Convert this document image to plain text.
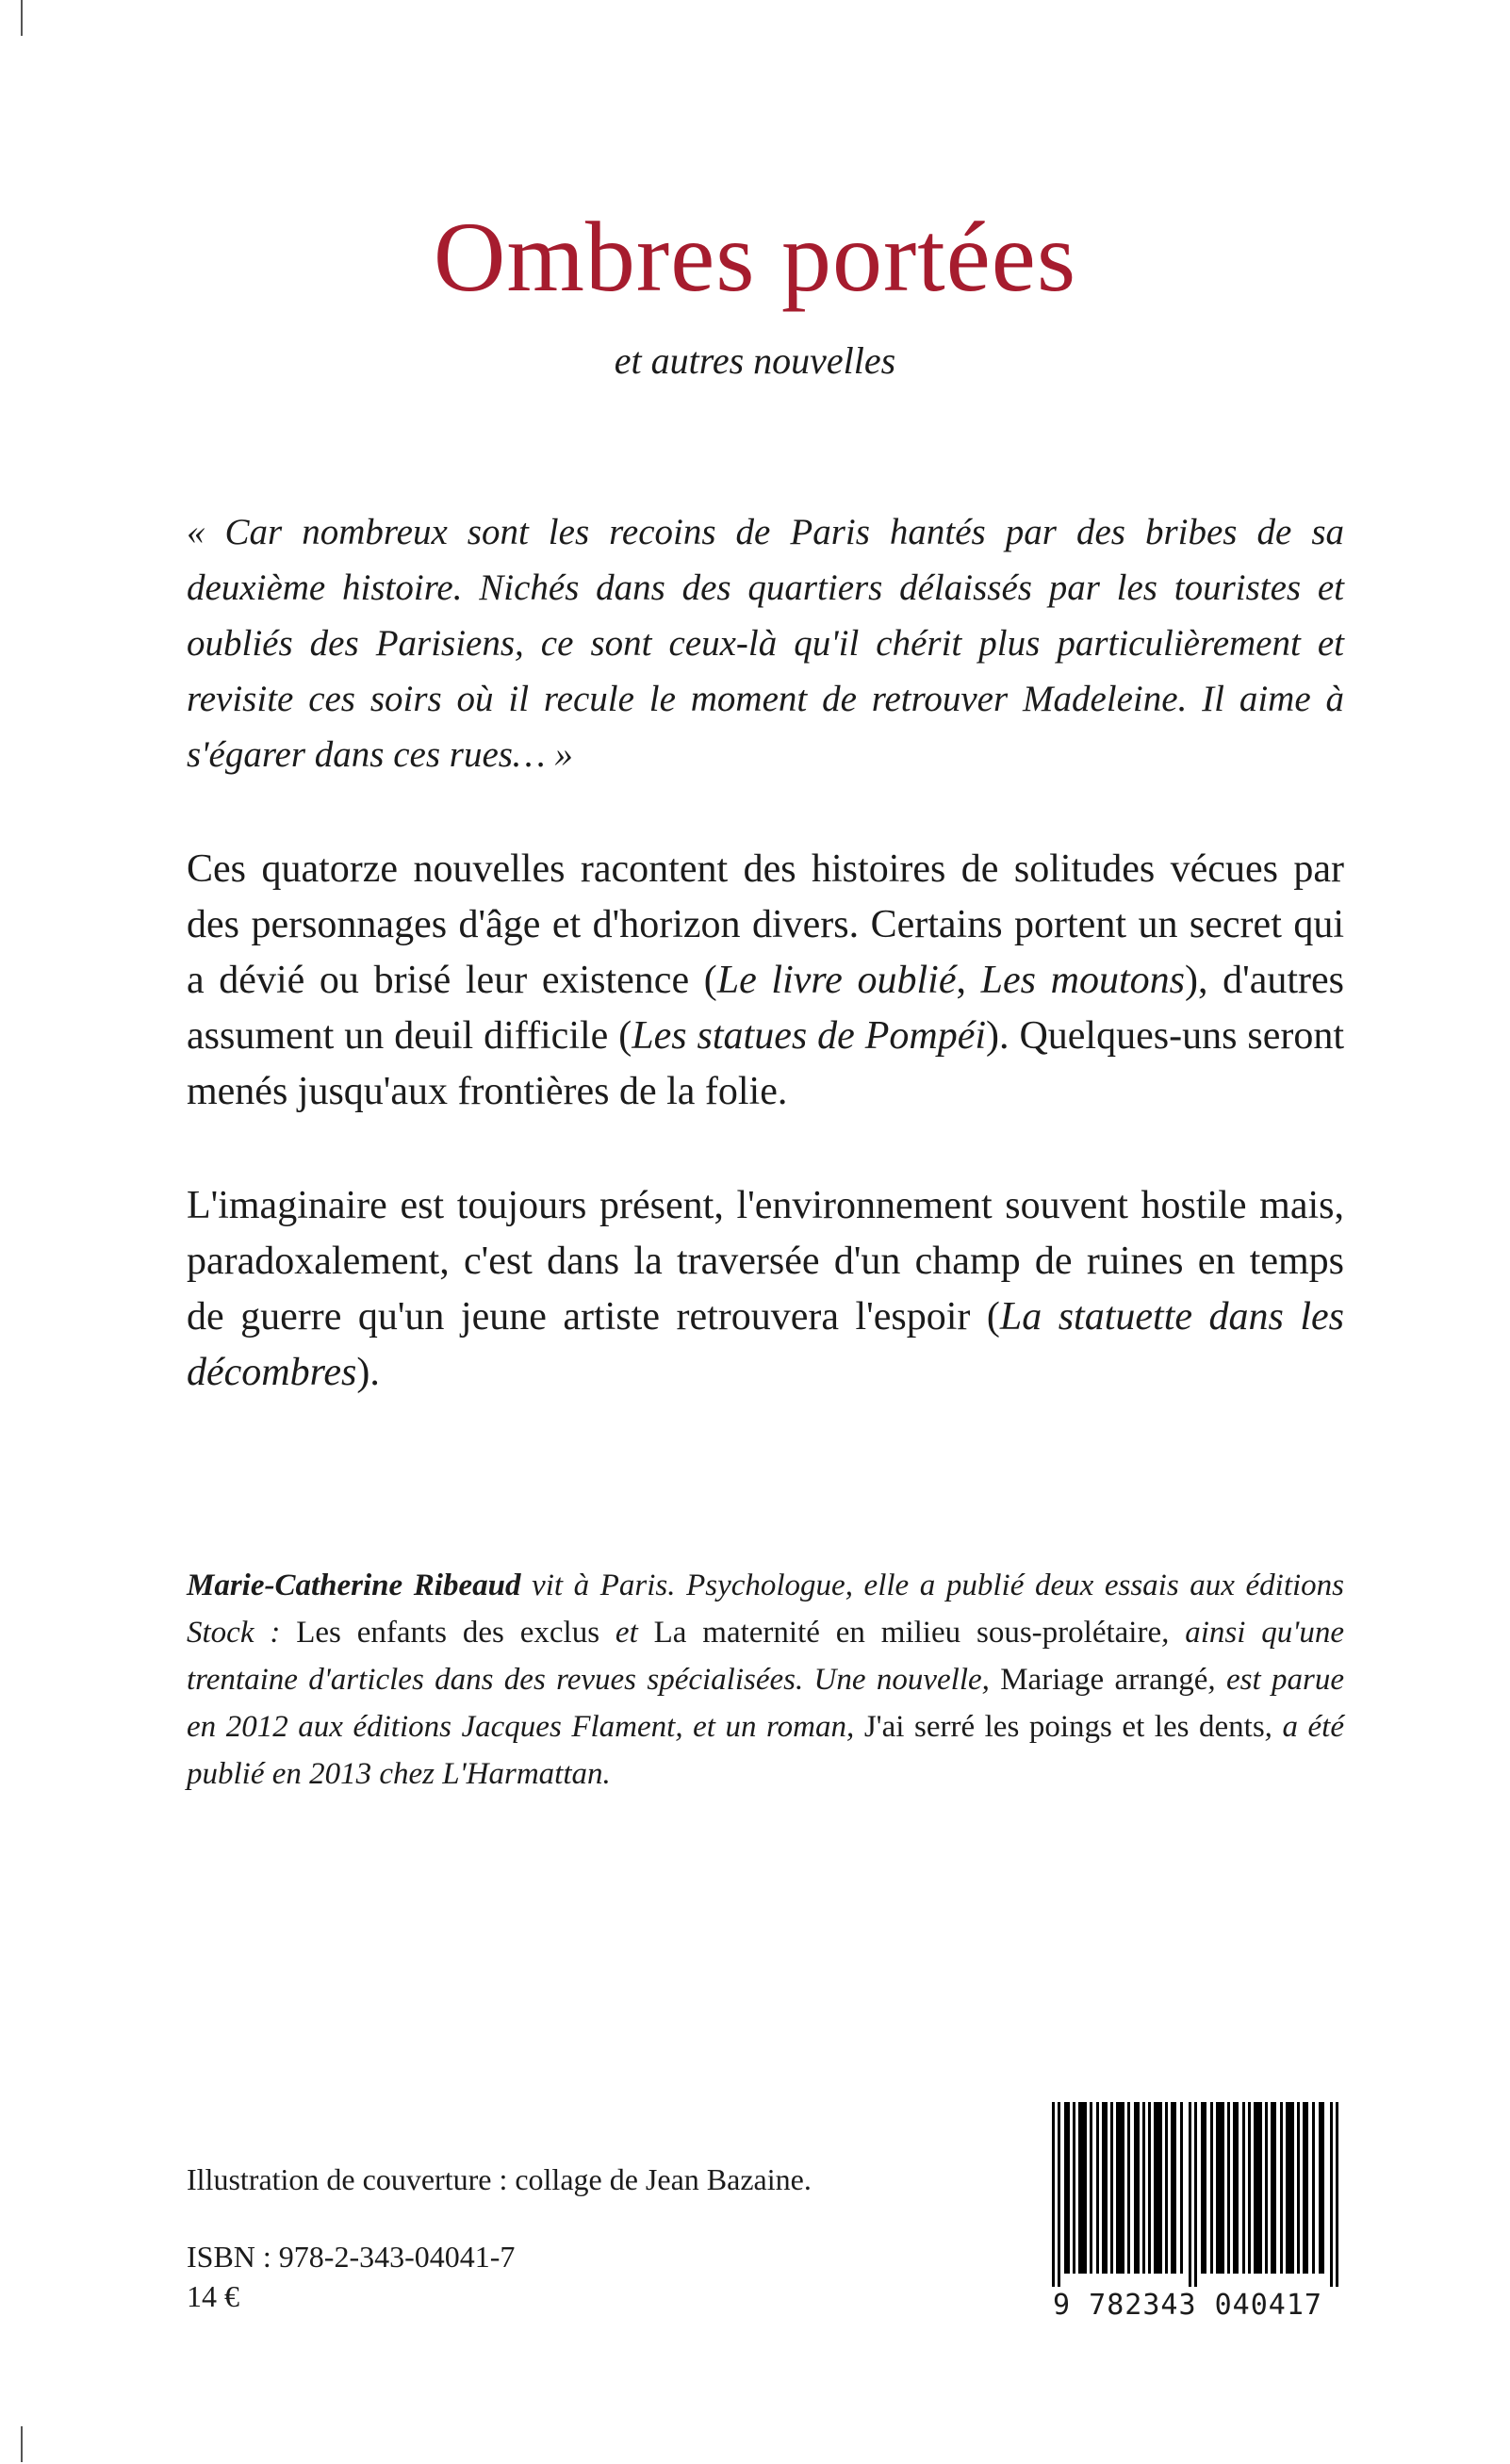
Ombres portées
et autres nouvelles

« Car nombreux sont les recoins de Paris hantés par des bribes de sa deuxième histoire. Nichés dans des quartiers délaissés par les touristes et oubliés des Parisiens, ce sont ceux-là qu'il chérit plus particulièrement et revisite ces soirs où il recule le moment de retrouver Madeleine. Il aime à s'égarer dans ces rues… »

Ces quatorze nouvelles racontent des histoires de solitudes vécues par des personnages d'âge et d'horizon divers. Certains portent un secret qui a dévié ou brisé leur existence (Le livre oublié, Les moutons), d'autres assument un deuil difficile (Les statues de Pompéi). Quelques-uns seront menés jusqu'aux frontières de la folie.

L'imaginaire est toujours présent, l'environnement souvent hostile mais, paradoxalement, c'est dans la traversée d'un champ de ruines en temps de guerre qu'un jeune artiste retrouvera l'espoir (La statuette dans les décombres).

Marie-Catherine Ribeaud vit à Paris. Psychologue, elle a publié deux essais aux éditions Stock : Les enfants des exclus et La maternité en milieu sous-prolétaire, ainsi qu'une trentaine d'articles dans des revues spécialisées. Une nouvelle, Mariage arrangé, est parue en 2012 aux éditions Jacques Flament, et un roman, J'ai serré les poings et les dents, a été publié en 2013 chez L'Harmattan.

Illustration de couverture : collage de Jean Bazaine.
ISBN : 978-2-343-04041-7
14 €	9 782343 040417
